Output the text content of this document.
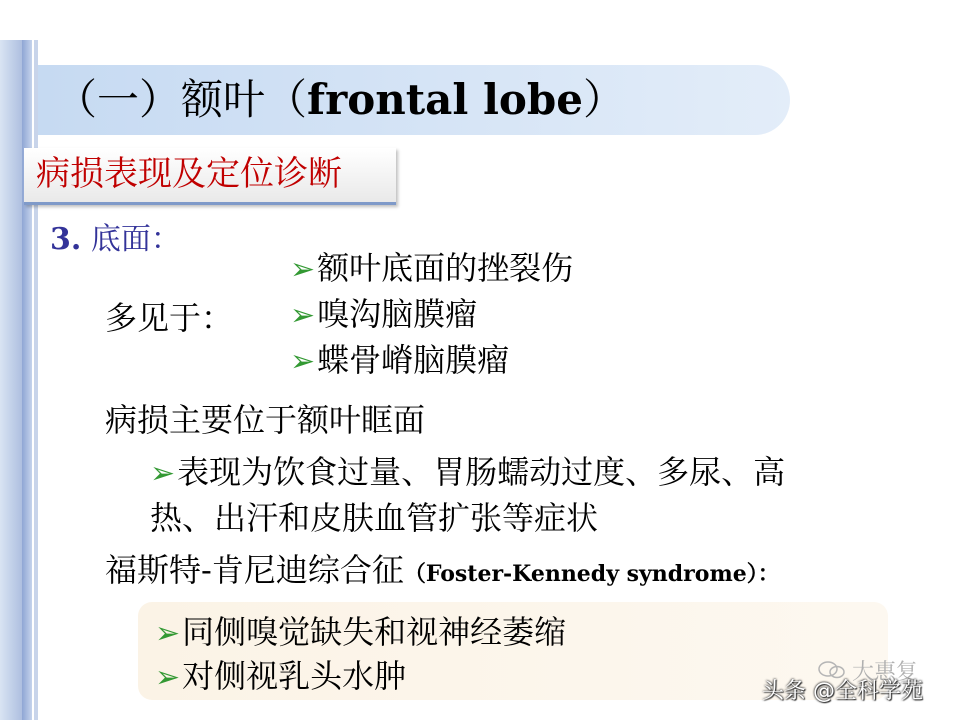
（一）额叶（frontal lobe）
病损表现及定位诊断
3. 底面：
多见于：
➢额叶底面的挫裂伤
➢嗅沟脑膜瘤
➢蝶骨嵴脑膜瘤
病损主要位于额叶眶面
➢表现为饮食过量、胃肠蠕动过度、多尿、高
热、出汗和皮肤血管扩张等症状
福斯特-肯尼迪综合征（Foster-Kennedy syndrome）：
➢同侧嗅觉缺失和视神经萎缩
➢对侧视乳头水肿	大惠复
头条 @全科学苑
